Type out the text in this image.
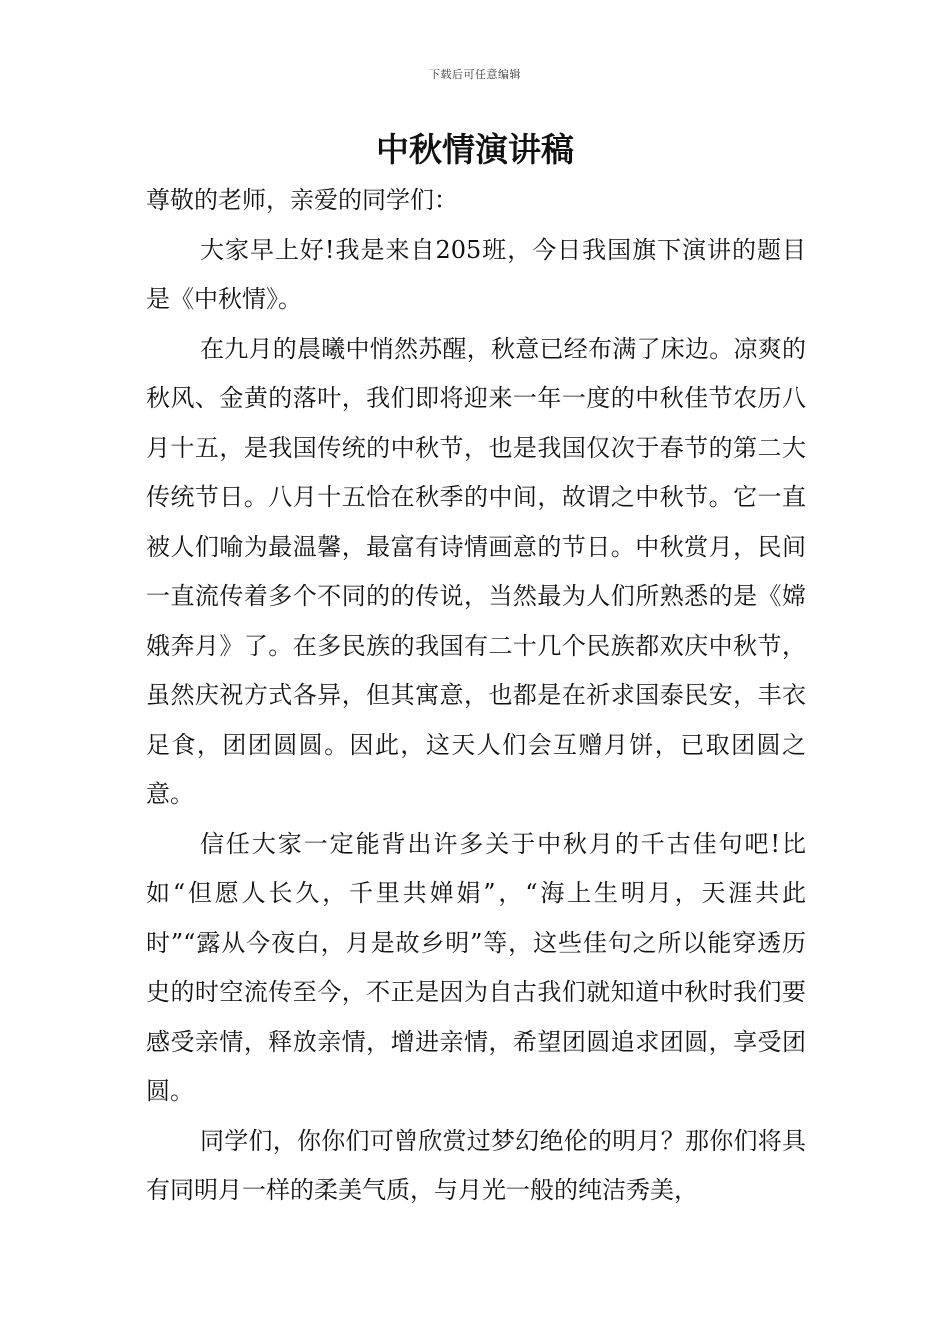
下载后可任意编辑
中秋情演讲稿

尊敬的老师，亲爱的同学们：

大家早上好!我是来自205班，今日我国旗下演讲的题目是《中秋情》。

在九月的晨曦中悄然苏醒，秋意已经布满了床边。凉爽的秋风、金黄的落叶，我们即将迎来一年一度的中秋佳节农历八月十五，是我国传统的中秋节，也是我国仅次于春节的第二大传统节日。八月十五恰在秋季的中间，故谓之中秋节。它一直被人们喻为最温馨，最富有诗情画意的节日。中秋赏月，民间一直流传着多个不同的的传说，当然最为人们所熟悉的是《嫦娥奔月》了。在多民族的我国有二十几个民族都欢庆中秋节，虽然庆祝方式各异，但其寓意，也都是在祈求国泰民安，丰衣足食，团团圆圆。因此，这天人们会互赠月饼，已取团圆之意。

信任大家一定能背出许多关于中秋月的千古佳句吧!比如“但愿人长久，千里共婵娟”，“海上生明月，天涯共此时”“露从今夜白，月是故乡明”等，这些佳句之所以能穿透历史的时空流传至今，不正是因为自古我们就知道中秋时我们要感受亲情，释放亲情，增进亲情，希望团圆追求团圆，享受团圆。

同学们，你你们可曾欣赏过梦幻绝伦的明月？那你们将具有同明月一样的柔美气质，与月光一般的纯洁秀美，
